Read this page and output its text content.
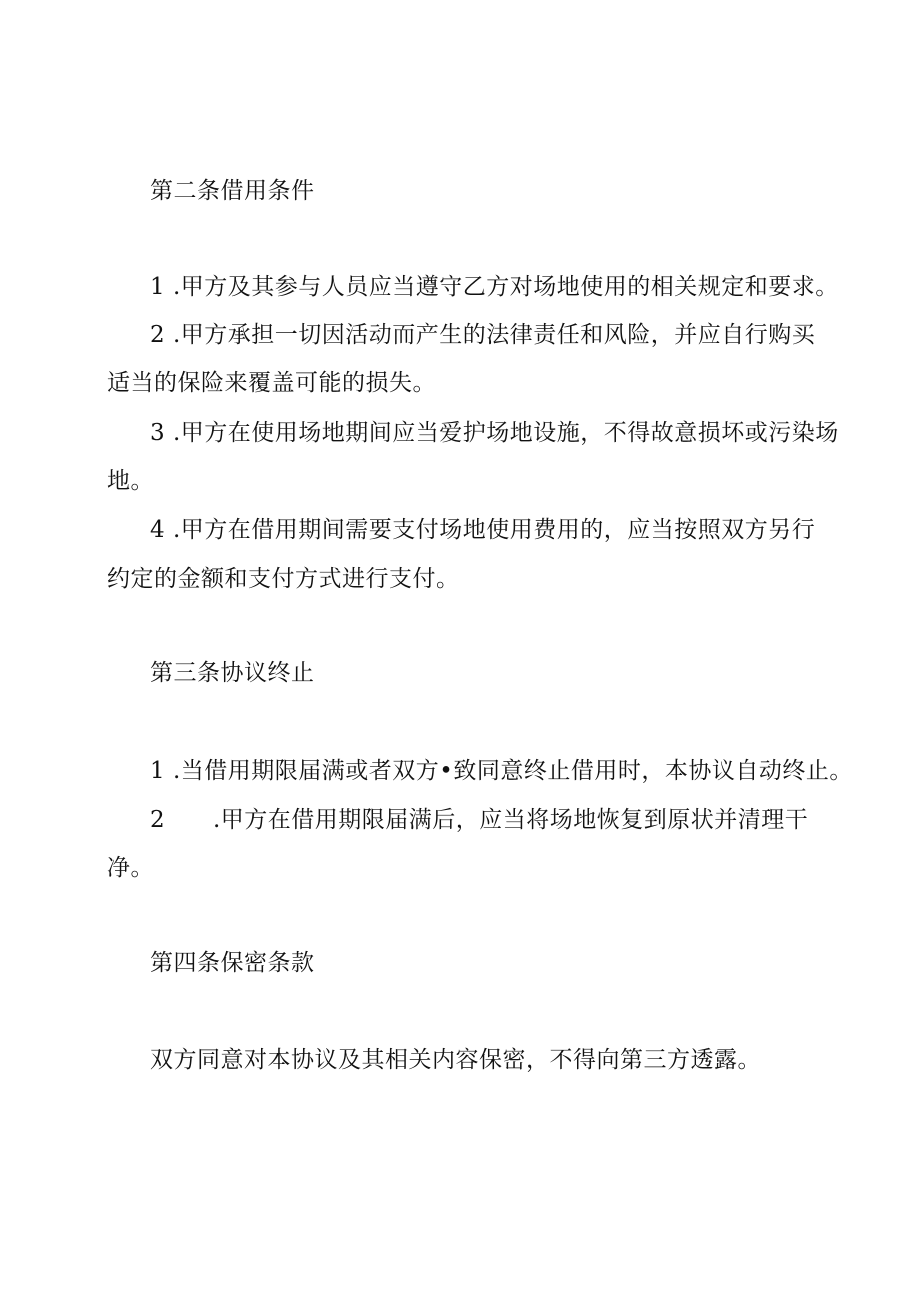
第二条借用条件
1 .甲方及其参与人员应当遵守乙方对场地使用的相关规定和要求。
2 .甲方承担一切因活动而产生的法律责任和风险，并应自行购买
适当的保险来覆盖可能的损失。
3 .甲方在使用场地期间应当爱护场地设施，不得故意损坏或污染场
地。
4 .甲方在借用期间需要支付场地使用费用的，应当按照双方另行
约定的金额和支付方式进行支付。
第三条协议终止
1 .当借用期限届满或者双方•致同意终止借用时，本协议自动终止。
2 .甲方在借用期限届满后，应当将场地恢复到原状并清理干
净。
第四条保密条款
双方同意对本协议及其相关内容保密，不得向第三方透露。
